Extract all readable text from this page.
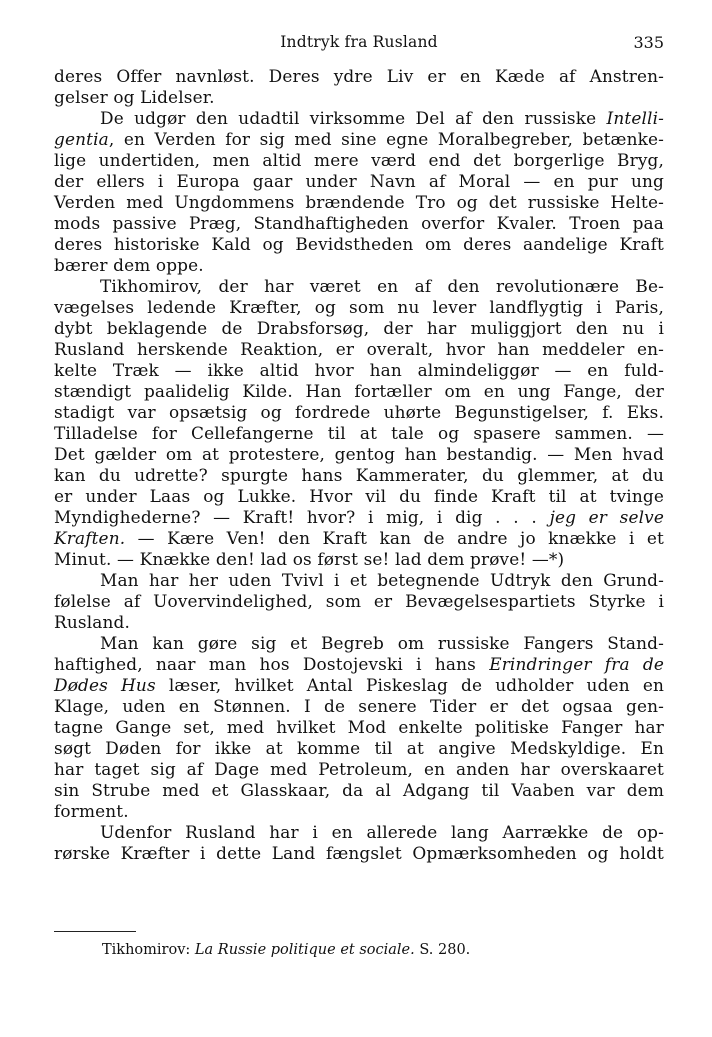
Indtryk fra Rusland	335
deres Offer navnløst. Deres ydre Liv er en Kæde af Anstren-
gelser og Lidelser.
De udgør den udadtil virksomme Del af den russiske Intelli-
gentia, en Verden for sig med sine egne Moralbegreber, betænke-
lige undertiden, men altid mere værd end det borgerlige Bryg,
der ellers i Europa gaar under Navn af Moral — en pur ung
Verden med Ungdommens brændende Tro og det russiske Helte-
mods passive Præg, Standhaftigheden overfor Kvaler. Troen paa
deres historiske Kald og Bevidstheden om deres aandelige Kraft
bærer dem oppe.
Tikhomirov, der har været en af den revolutionære Be-
vægelses ledende Kræfter, og som nu lever landflygtig i Paris,
dybt beklagende de Drabsforsøg, der har muliggjort den nu i
Rusland herskende Reaktion, er overalt, hvor han meddeler en-
kelte Træk — ikke altid hvor han almindeliggør — en fuld-
stændigt paalidelig Kilde. Han fortæller om en ung Fange, der
stadigt var opsætsig og fordrede uhørte Begunstigelser, f. Eks.
Tilladelse for Cellefangerne til at tale og spasere sammen. —
Det gælder om at protestere, gentog han bestandig. — Men hvad
kan du udrette? spurgte hans Kammerater, du glemmer, at du
er under Laas og Lukke. Hvor vil du finde Kraft til at tvinge
Myndighederne? — Kraft! hvor? i mig, i dig . . . jeg er selve
Kraften. — Kære Ven! den Kraft kan de andre jo knække i et
Minut. — Knække den! lad os først se! lad dem prøve! —*)
Man har her uden Tvivl i et betegnende Udtryk den Grund-
følelse af Uovervindelighed, som er Bevægelsespartiets Styrke i
Rusland.
Man kan gøre sig et Begreb om russiske Fangers Stand-
haftighed, naar man hos Dostojevski i hans Erindringer fra de
Dødes Hus læser, hvilket Antal Piskeslag de udholder uden en
Klage, uden en Stønnen. I de senere Tider er det ogsaa gen-
tagne Gange set, med hvilket Mod enkelte politiske Fanger har
søgt Døden for ikke at komme til at angive Medskyldige. En
har taget sig af Dage med Petroleum, en anden har overskaaret
sin Strube med et Glasskaar, da al Adgang til Vaaben var dem
forment.
Udenfor Rusland har i en allerede lang Aarrække de op-
rørske Kræfter i dette Land fængslet Opmærksomheden og holdt
Tikhomirov: La Russie politique et sociale. S. 280.
